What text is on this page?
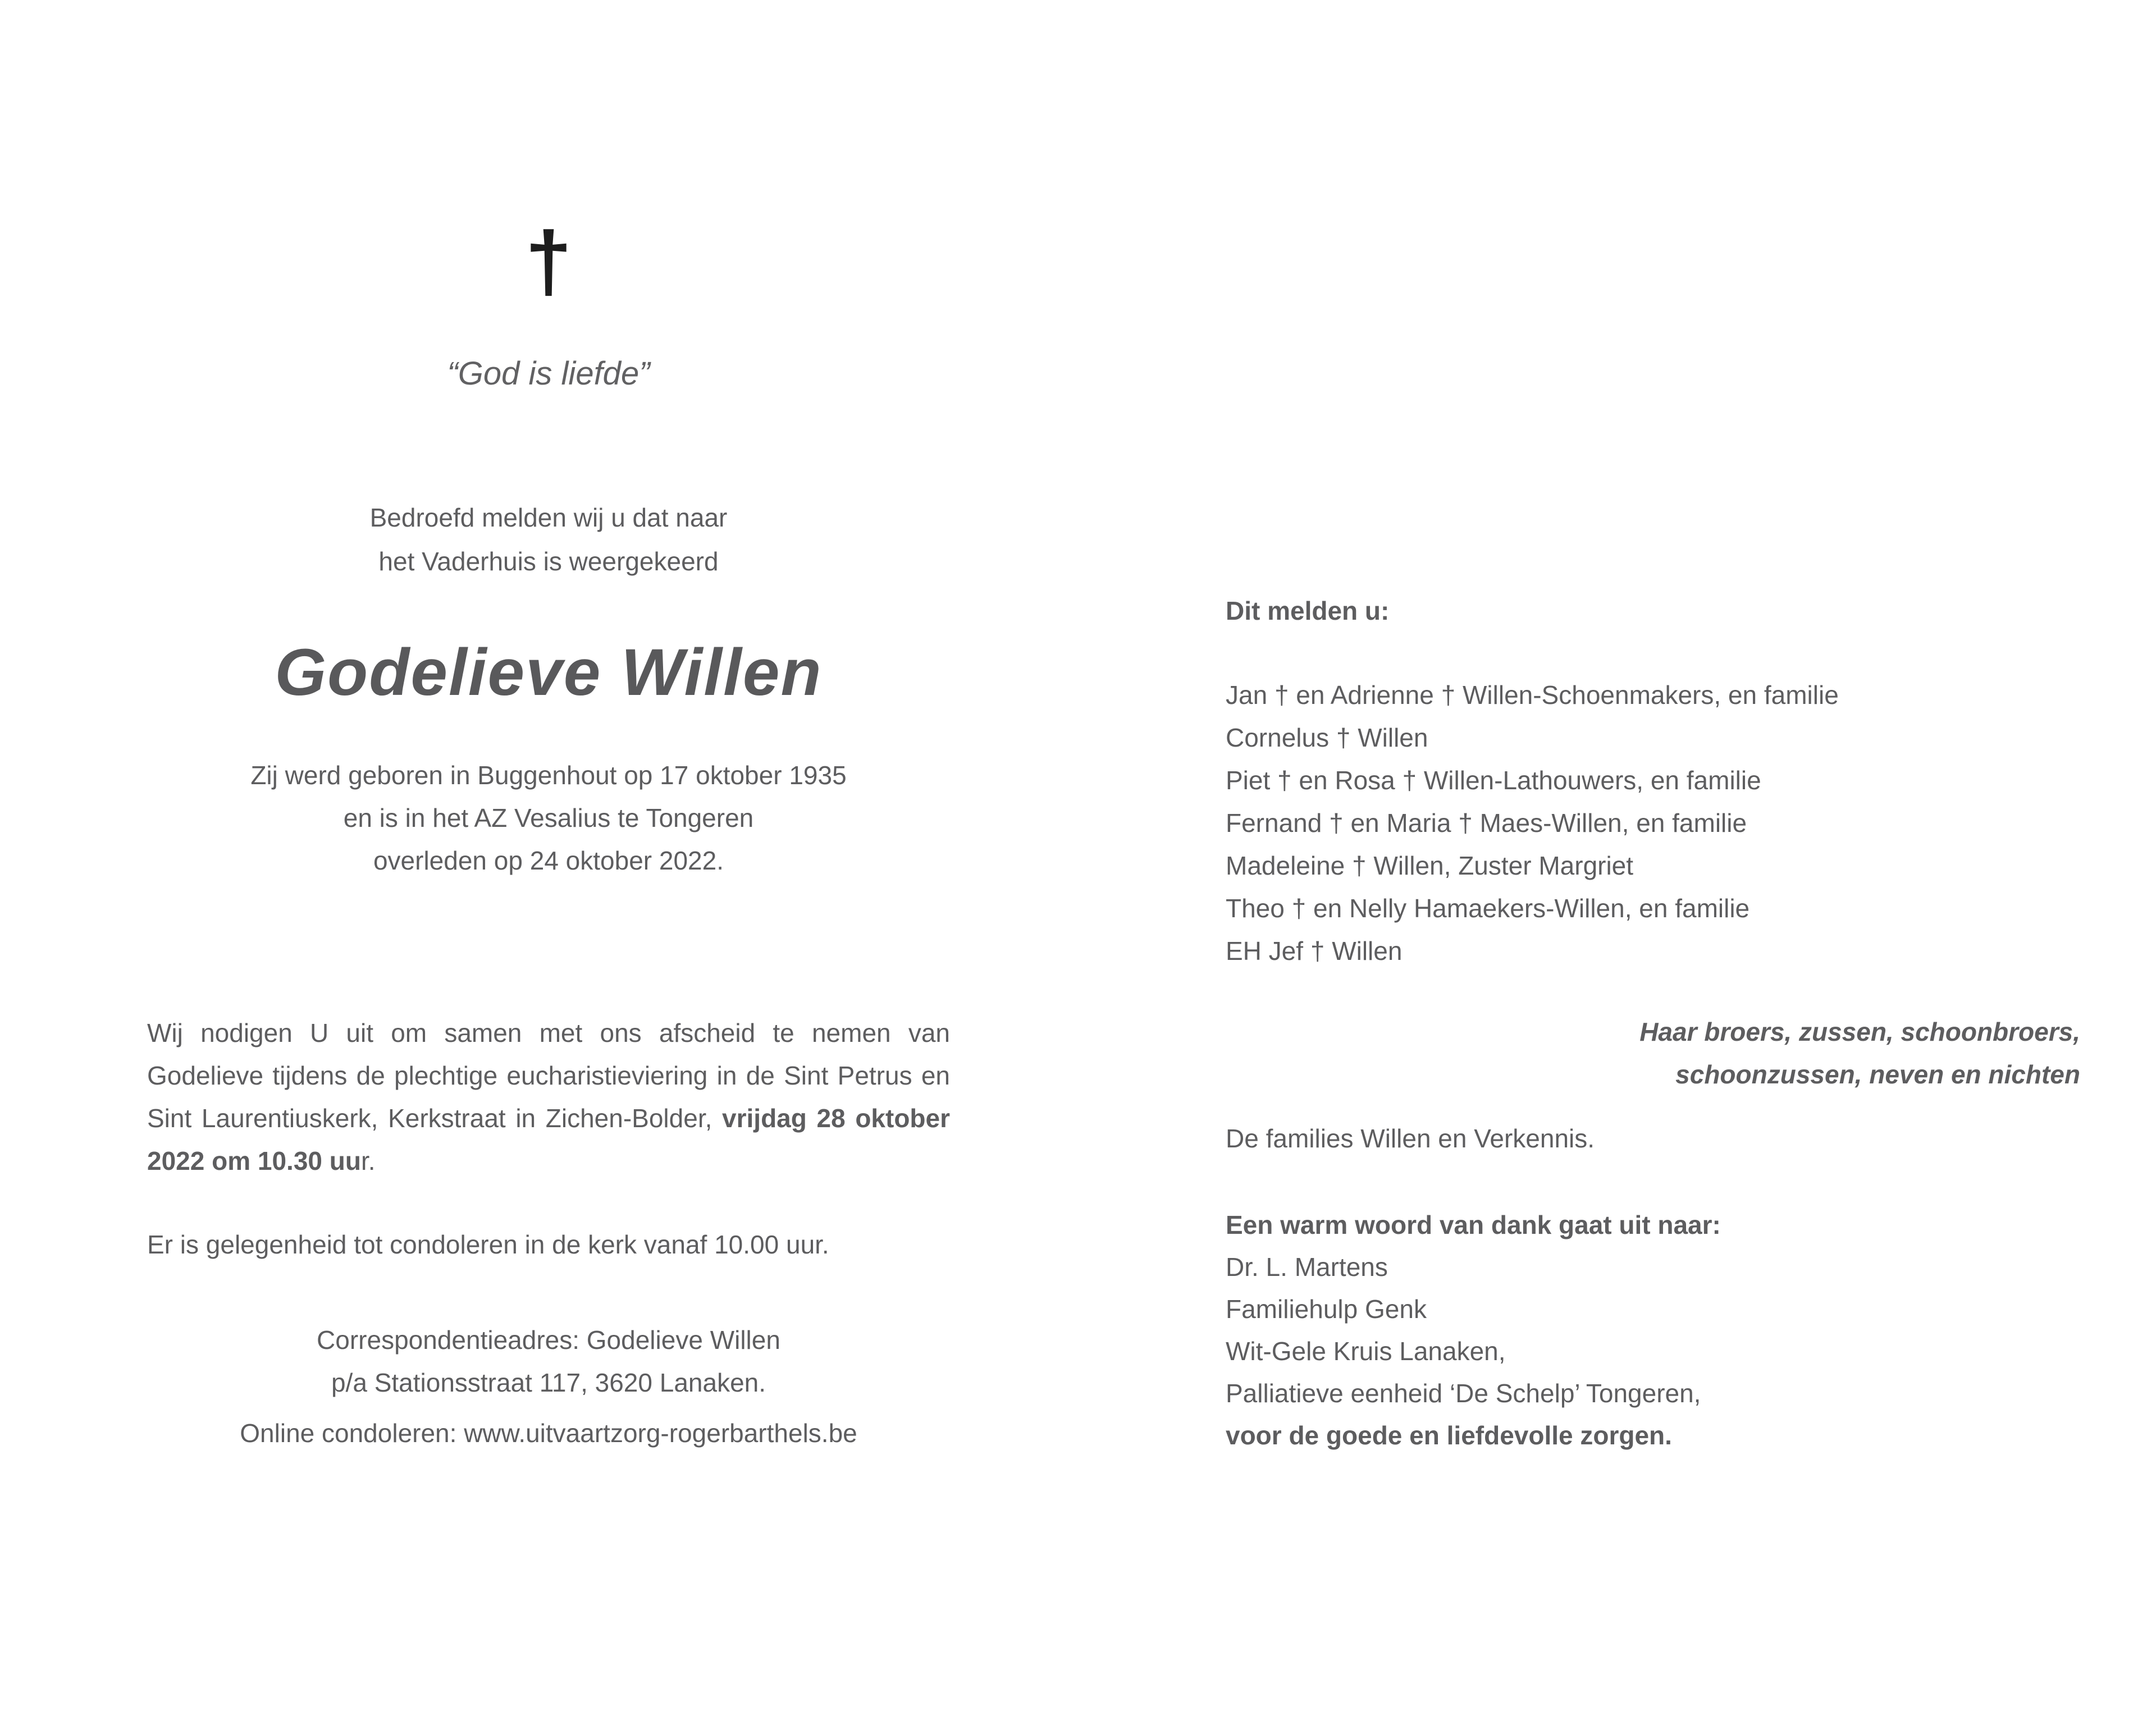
†
“God is liefde”
Bedroefd melden wij u dat naar
het Vaderhuis is weergekeerd
Godelieve Willen
Zij werd geboren in Buggenhout op 17 oktober 1935
en is in het AZ Vesalius te Tongeren
overleden op 24 oktober 2022.
Wij nodigen U uit om samen met ons afscheid te nemen van Godelieve tijdens de plechtige eucharistieviering in de Sint Petrus en Sint Laurentiuskerk, Kerkstraat in Zichen-Bolder, vrijdag 28 oktober 2022 om 10.30 uur.
Er is gelegenheid tot condoleren in de kerk vanaf 10.00 uur.
Correspondentieadres: Godelieve Willen
p/a Stationsstraat 117, 3620 Lanaken.
Online condoleren: www.uitvaartzorg-rogerbarthels.be
Dit melden u:
Jan † en Adrienne † Willen-Schoenmakers, en familie
Cornelus † Willen
Piet † en Rosa † Willen-Lathouwers, en familie
Fernand † en Maria † Maes-Willen, en familie
Madeleine † Willen, Zuster Margriet
Theo † en Nelly Hamaekers-Willen, en familie
EH Jef † Willen
Haar broers, zussen, schoonbroers,
schoonzussen, neven en nichten
De families Willen en Verkennis.
Een warm woord van dank gaat uit naar:
Dr. L. Martens
Familiehulp Genk
Wit-Gele Kruis Lanaken,
Palliatieve eenheid ‘De Schelp’ Tongeren,
voor de goede en liefdevolle zorgen.
